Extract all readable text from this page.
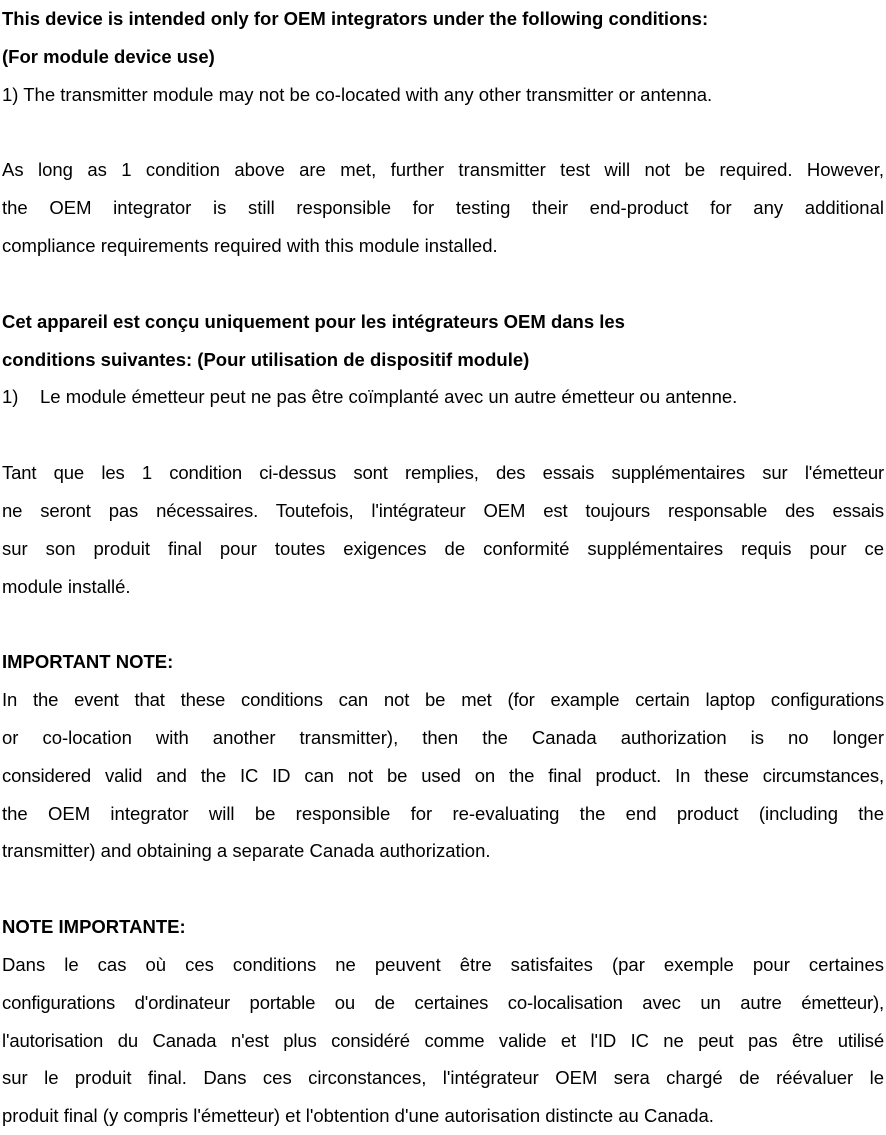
This device is intended only for OEM integrators under the following conditions:
(For module device use)
1) The transmitter module may not be co-located with any other transmitter or antenna.
As long as 1 condition above are met, further transmitter test will not be required. However,
the OEM integrator is still responsible for testing their end-product for any additional
compliance requirements required with this module installed.
Cet appareil est conçu uniquement pour les intégrateurs OEM dans les
conditions suivantes: (Pour utilisation de dispositif module)
1) Le module émetteur peut ne pas être coïmplanté avec un autre émetteur ou antenne.
Tant que les 1 condition ci-dessus sont remplies, des essais supplémentaires sur l'émetteur
ne seront pas nécessaires. Toutefois, l'intégrateur OEM est toujours responsable des essais
sur son produit final pour toutes exigences de conformité supplémentaires requis pour ce
module installé.
IMPORTANT NOTE:
In the event that these conditions can not be met (for example certain laptop configurations
or co-location with another transmitter), then the Canada authorization is no longer
considered valid and the IC ID can not be used on the final product. In these circumstances,
the OEM integrator will be responsible for re-evaluating the end product (including the
transmitter) and obtaining a separate Canada authorization.
NOTE IMPORTANTE:
Dans le cas où ces conditions ne peuvent être satisfaites (par exemple pour certaines
configurations d'ordinateur portable ou de certaines co-localisation avec un autre émetteur),
l'autorisation du Canada n'est plus considéré comme valide et l'ID IC ne peut pas être utilisé
sur le produit final. Dans ces circonstances, l'intégrateur OEM sera chargé de réévaluer le
produit final (y compris l'émetteur) et l'obtention d'une autorisation distincte au Canada.
